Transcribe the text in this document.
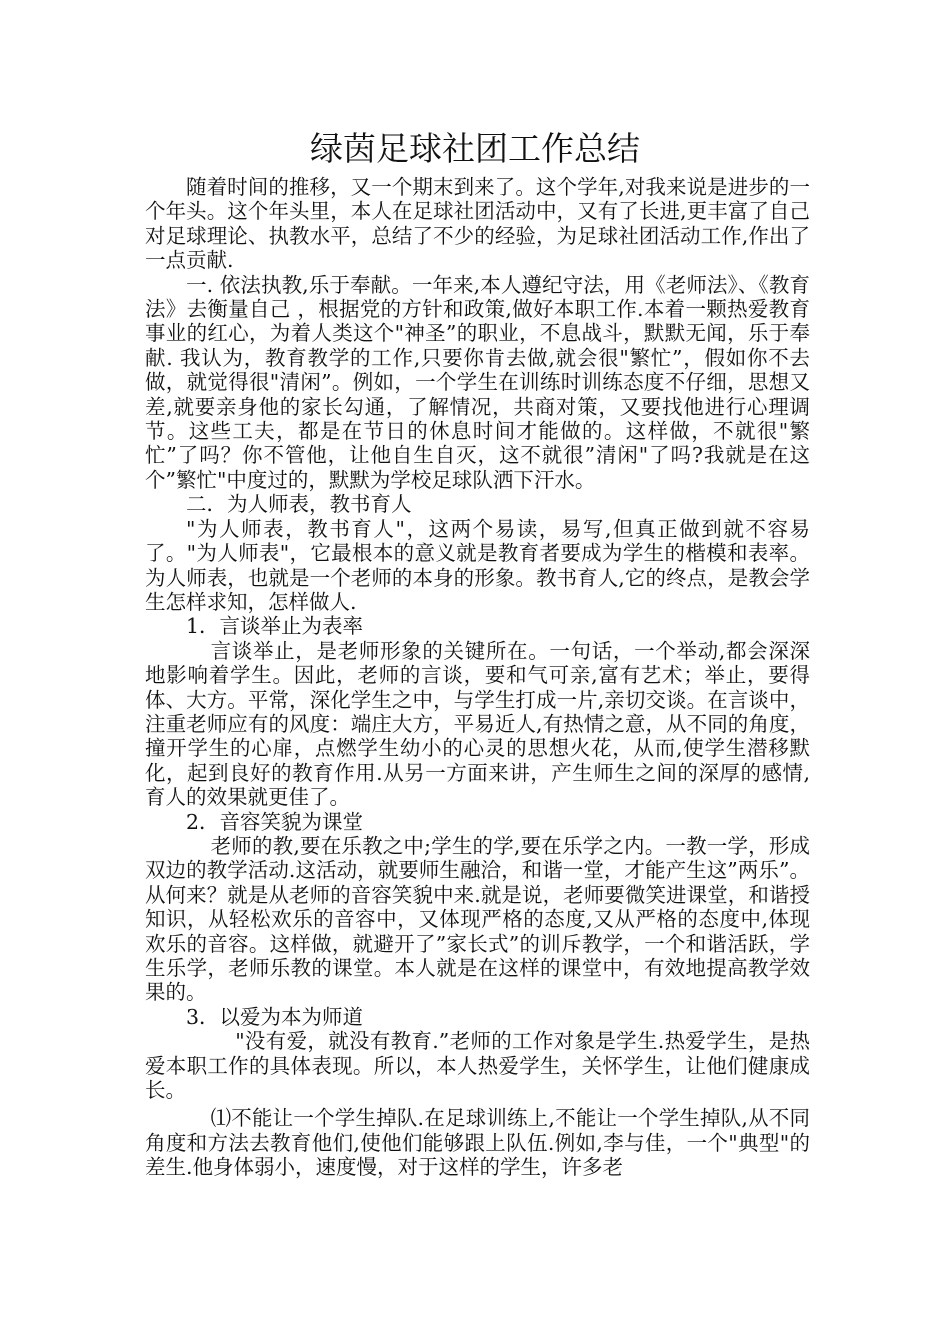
绿茵足球社团工作总结

随着时间的推移，又一个期末到来了。这个学年,对我来说是进步的一个年头。这个年头里，本人在足球社团活动中，又有了长进,更丰富了自己对足球理论、执教水平，总结了不少的经验，为足球社团活动工作,作出了一点贡献.

一. 依法执教,乐于奉献。一年来,本人遵纪守法，用《老师法》、《教育法》去衡量自己 ，根据党的方针和政策,做好本职工作.本着一颗热爱教育事业的红心，为着人类这个"神圣”的职业，不息战斗，默默无闻，乐于奉献. 我认为，教育教学的工作,只要你肯去做,就会很"繁忙”，假如你不去做，就觉得很"清闲”。例如，一个学生在训练时训练态度不仔细，思想又差,就要亲身他的家长勾通，了解情况，共商对策，又要找他进行心理调节。这些工夫，都是在节日的休息时间才能做的。这样做，不就很"繁忙”了吗？你不管他，让他自生自灭，这不就很”清闲"了吗?我就是在这个”繁忙"中度过的，默默为学校足球队洒下汗水。

二．为人师表，教书育人

"为人师表，教书育人"，这两个易读，易写,但真正做到就不容易了。"为人师表"，它最根本的意义就是教育者要成为学生的楷模和表率。为人师表，也就是一个老师的本身的形象。教书育人,它的终点，是教会学生怎样求知，怎样做人.

1．言谈举止为表率

言谈举止，是老师形象的关键所在。一句话，一个举动,都会深深地影响着学生。因此，老师的言谈，要和气可亲,富有艺术；举止，要得体、大方。平常，深化学生之中，与学生打成一片,亲切交谈。在言谈中，注重老师应有的风度：端庄大方，平易近人,有热情之意，从不同的角度，撞开学生的心扉，点燃学生幼小的心灵的思想火花，从而,使学生潜移默化，起到良好的教育作用.从另一方面来讲，产生师生之间的深厚的感情,育人的效果就更佳了。

2．音容笑貌为课堂

老师的教,要在乐教之中;学生的学,要在乐学之内。一教一学，形成双边的教学活动.这活动，就要师生融洽，和谐一堂，才能产生这”两乐”。从何来？就是从老师的音容笑貌中来.就是说，老师要微笑进课堂，和谐授知识，从轻松欢乐的音容中，又体现严格的态度,又从严格的态度中,体现欢乐的音容。这样做，就避开了”家长式”的训斥教学，一个和谐活跃，学生乐学，老师乐教的课堂。本人就是在这样的课堂中，有效地提高教学效果的。

3．以爱为本为师道

"没有爱，就没有教育.”老师的工作对象是学生.热爱学生，是热爱本职工作的具体表现。所以，本人热爱学生，关怀学生，让他们健康成长。

⑴不能让一个学生掉队.在足球训练上,不能让一个学生掉队,从不同角度和方法去教育他们,使他们能够跟上队伍.例如,李与佳，一个"典型"的差生.他身体弱小，速度慢，对于这样的学生，许多老
